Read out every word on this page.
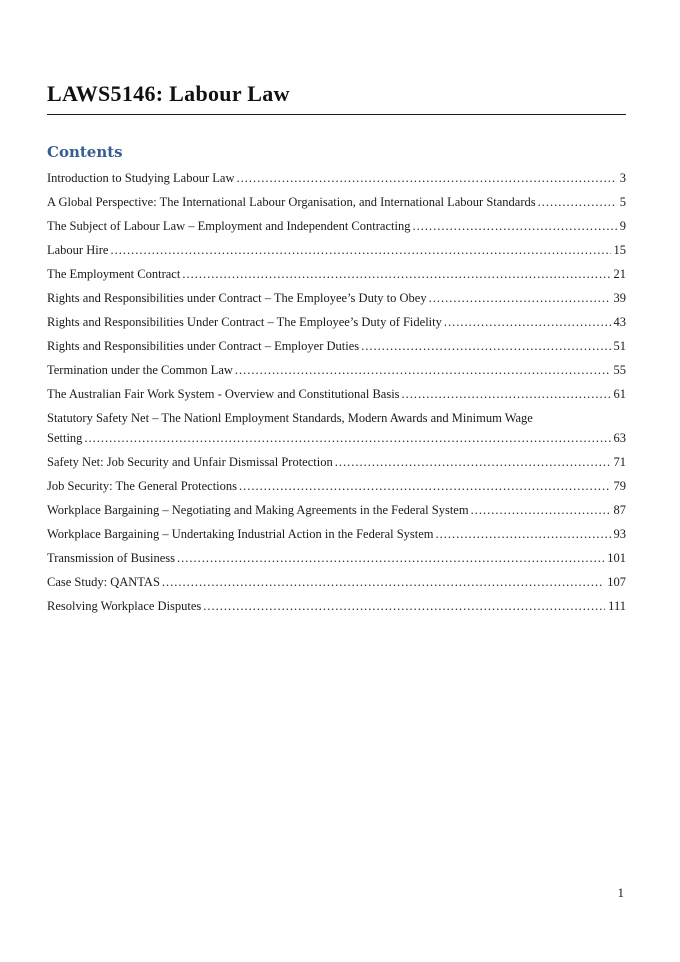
LAWS5146: Labour Law
Contents
Introduction to Studying Labour Law .....	3
A Global Perspective: The International Labour Organisation, and International Labour Standards .....	5
The Subject of Labour Law – Employment and Independent Contracting .....	9
Labour Hire .....	15
The Employment Contract .....	21
Rights and Responsibilities under Contract – The Employee’s Duty to Obey .....	39
Rights and Responsibilities Under Contract – The Employee’s Duty of Fidelity .....	43
Rights and Responsibilities under Contract – Employer Duties .....	51
Termination under the Common Law .....	55
The Australian Fair Work System - Overview and Constitutional Basis .....	61
Statutory Safety Net – The Nationl Employment Standards, Modern Awards and Minimum Wage
Setting .....	63
Safety Net: Job Security and Unfair Dismissal Protection .....	71
Job Security: The General Protections .....	79
Workplace Bargaining – Negotiating and Making Agreements in the Federal System .....	87
Workplace Bargaining – Undertaking Industrial Action in the Federal System .....	93
Transmission of Business .....	101
Case Study: QANTAS .....	107
Resolving Workplace Disputes .....	111
1
